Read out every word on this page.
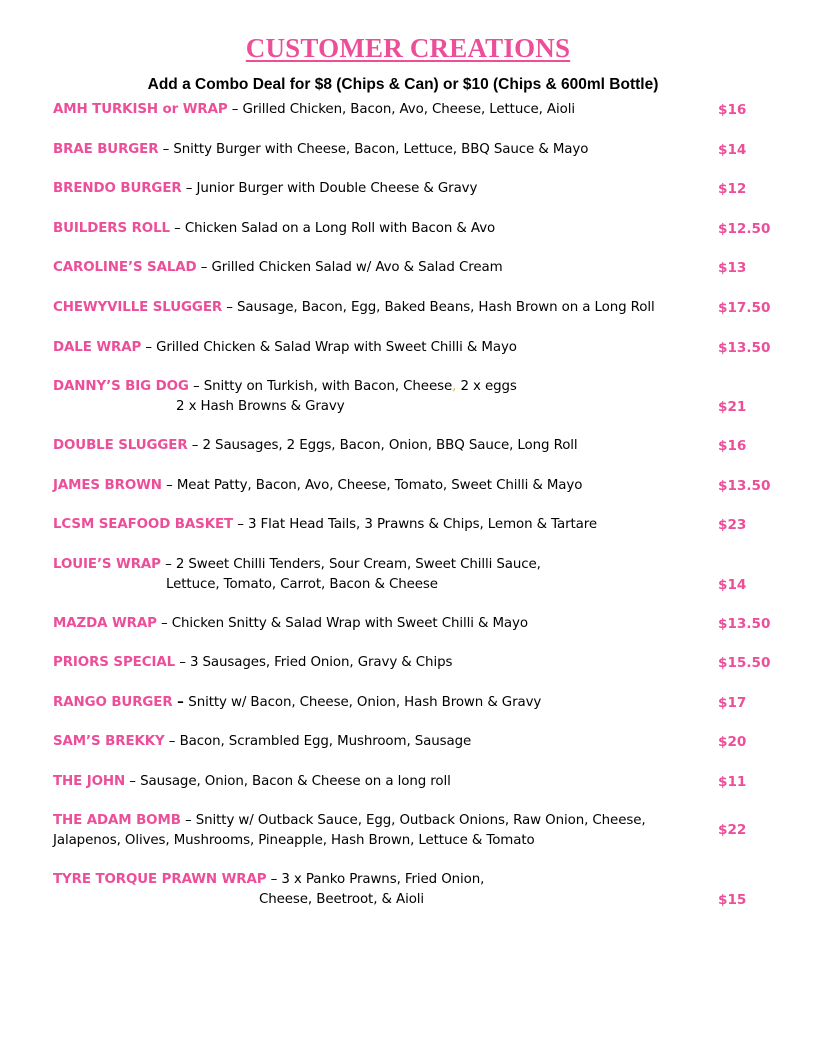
CUSTOMER CREATIONS
Add a Combo Deal for $8 (Chips & Can) or $10 (Chips & 600ml Bottle)
AMH TURKISH or WRAP – Grilled Chicken, Bacon, Avo, Cheese, Lettuce, Aioli	$16
BRAE BURGER – Snitty Burger with Cheese, Bacon, Lettuce, BBQ Sauce & Mayo	$14
BRENDO BURGER – Junior Burger with Double Cheese & Gravy	$12
BUILDERS ROLL – Chicken Salad on a Long Roll with Bacon & Avo	$12.50
CAROLINE’S SALAD – Grilled Chicken Salad w/ Avo & Salad Cream	$13
CHEWYVILLE SLUGGER – Sausage, Bacon, Egg, Baked Beans, Hash Brown on a Long Roll	$17.50
DALE WRAP – Grilled Chicken & Salad Wrap with Sweet Chilli & Mayo	$13.50
DANNY’S BIG DOG – Snitty on Turkish, with Bacon, Cheese, 2 x eggs
2 x Hash Browns & Gravy	$21
DOUBLE SLUGGER – 2 Sausages, 2 Eggs, Bacon, Onion, BBQ Sauce, Long Roll	$16
JAMES BROWN – Meat Patty, Bacon, Avo, Cheese, Tomato, Sweet Chilli & Mayo	$13.50
LCSM SEAFOOD BASKET – 3 Flat Head Tails, 3 Prawns & Chips, Lemon & Tartare	$23
LOUIE’S WRAP – 2 Sweet Chilli Tenders, Sour Cream, Sweet Chilli Sauce,
Lettuce, Tomato, Carrot, Bacon & Cheese	$14
MAZDA WRAP – Chicken Snitty & Salad Wrap with Sweet Chilli & Mayo	$13.50
PRIORS SPECIAL – 3 Sausages, Fried Onion, Gravy & Chips	$15.50
RANGO BURGER – Snitty w/ Bacon, Cheese, Onion, Hash Brown & Gravy	$17
SAM’S BREKKY – Bacon, Scrambled Egg, Mushroom, Sausage	$20
THE JOHN – Sausage, Onion, Bacon & Cheese on a long roll	$11
THE ADAM BOMB – Snitty w/ Outback Sauce, Egg, Outback Onions, Raw Onion, Cheese,
Jalapenos, Olives, Mushrooms, Pineapple, Hash Brown, Lettuce & Tomato
$22
TYRE TORQUE PRAWN WRAP – 3 x Panko Prawns, Fried Onion,
Cheese, Beetroot, & Aioli	$15
